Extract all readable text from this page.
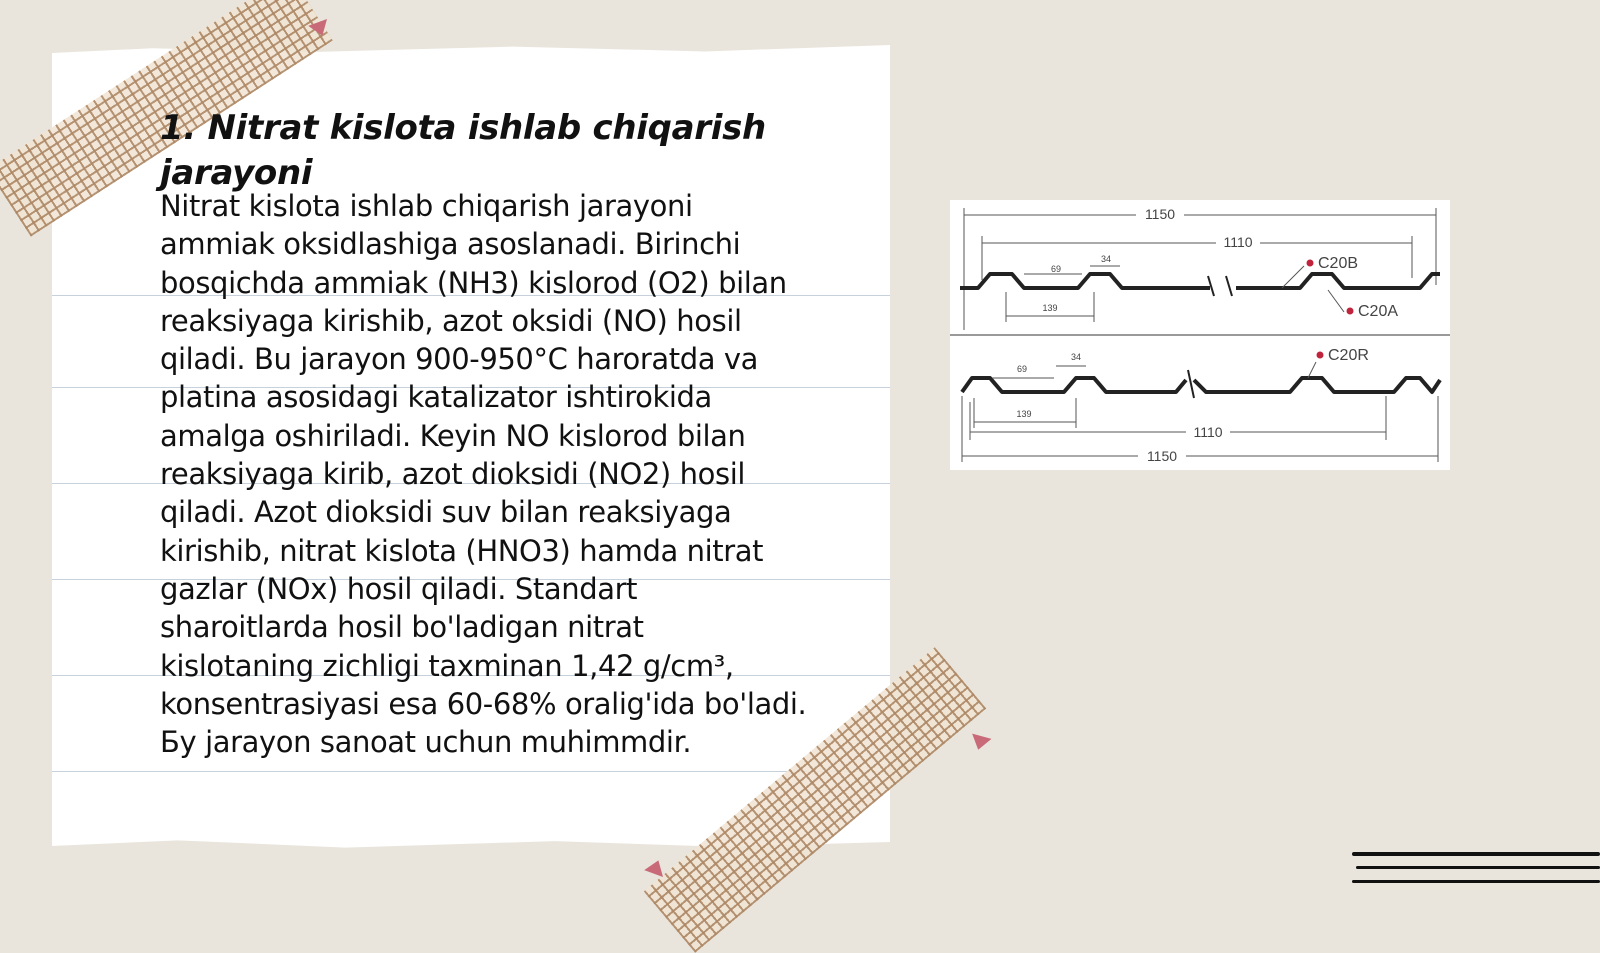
1. Nitrat kislota ishlab chiqarish jarayoni
Nitrat kislota ishlab chiqarish jarayoni
ammiak oksidlashiga asoslanadi. Birinchi
bosqichda ammiak (NH3) kislorod (O2) bilan
reaksiyaga kirishib, azot oksidi (NO) hosil
qiladi. Bu jarayon 900-950°C haroratda va
platina asosidagi katalizator ishtirokida
amalga oshiriladi. Keyin NO kislorod bilan
reaksiyaga kirib, azot dioksidi (NO2) hosil
qiladi. Azot dioksidi suv bilan reaksiyaga
kirishib, nitrat kislota (HNO3) hamda nitrat
gazlar (NOx) hosil qiladi. Standart
sharoitlarda hosil bo'ladigan nitrat
kislotaning zichligi taxminan 1,42 g/cm³,
konsentrasiyasi esa 60-68% oralig'ida bo'ladi.
Бу jarayon sanoat uchun muhimmdir.
1150
1110
69
34
139
C20B
C20A
69
34
139
C20R
1110
1150
